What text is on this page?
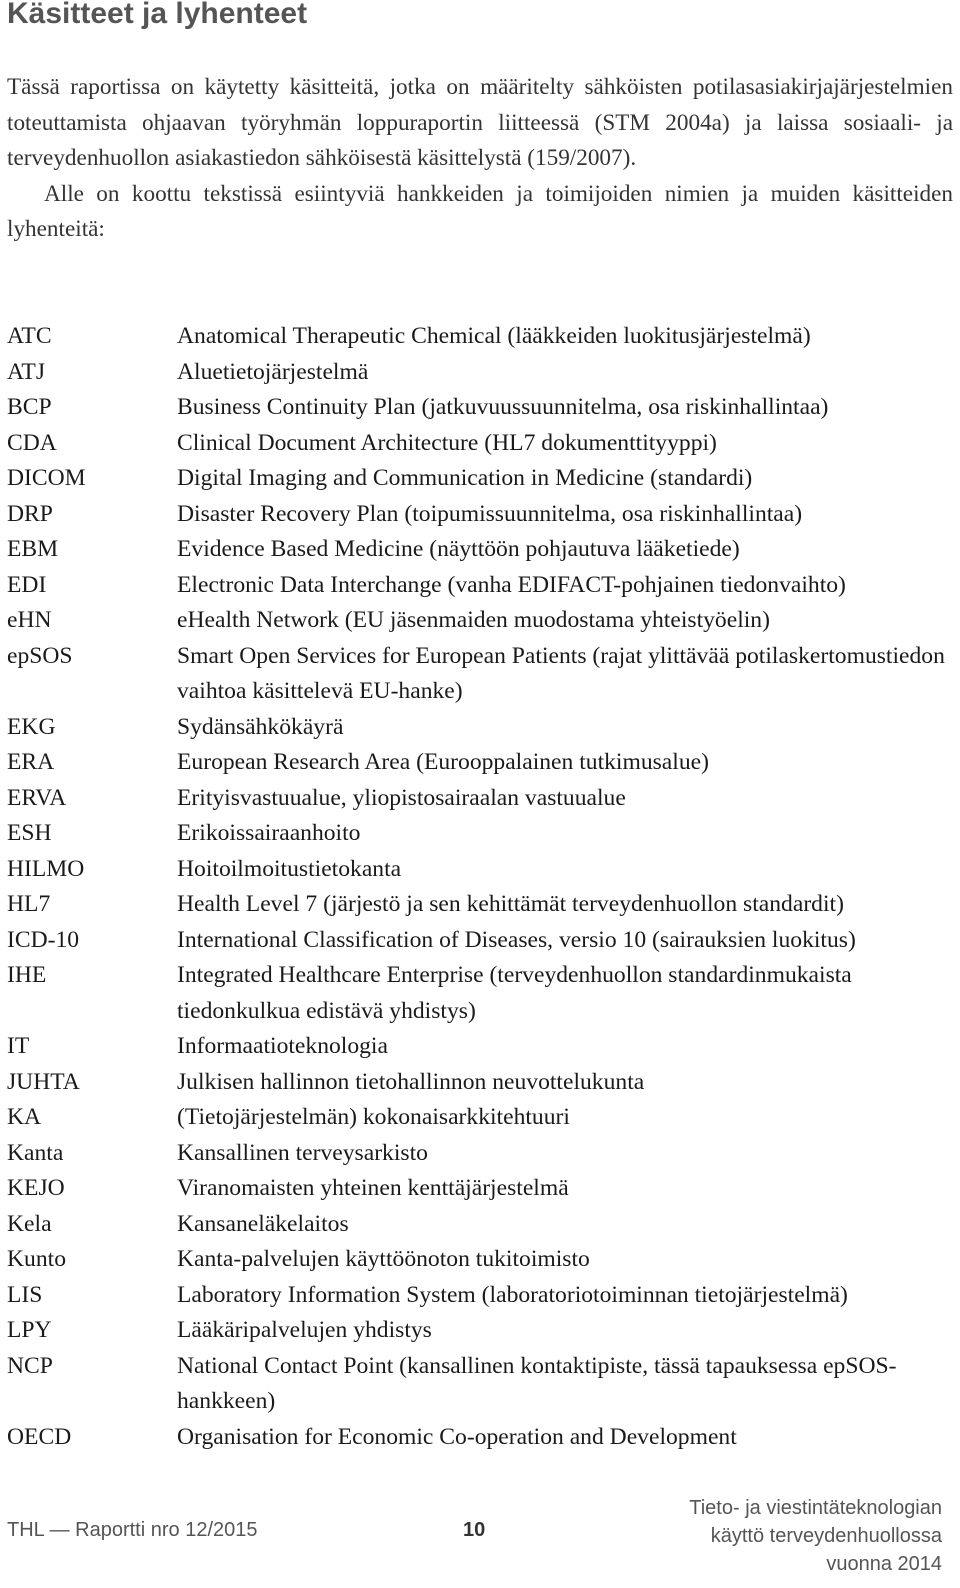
Käsitteet ja lyhenteet

Tässä raportissa on käytetty käsitteitä, jotka on määritelty sähköisten potilasasiakirjajärjestelmien toteuttamista ohjaavan työryhmän loppuraportin liitteessä (STM 2004a) ja laissa sosiaali- ja terveydenhuollon asiakastiedon sähköisestä käsittelystä (159/2007).

Alle on koottu tekstissä esiintyviä hankkeiden ja toimijoiden nimien ja muiden käsitteiden lyhenteitä:

ATC	Anatomical Therapeutic Chemical (lääkkeiden luokitusjärjestelmä)
ATJ	Aluetietojärjestelmä
BCP	Business Continuity Plan (jatkuvuussuunnitelma, osa riskinhallintaa)
CDA	Clinical Document Architecture (HL7 dokumenttityyppi)
DICOM	Digital Imaging and Communication in Medicine (standardi)
DRP	Disaster Recovery Plan (toipumissuunnitelma, osa riskinhallintaa)
EBM	Evidence Based Medicine (näyttöön pohjautuva lääketiede)
EDI	Electronic Data Interchange (vanha EDIFACT-pohjainen tiedonvaihto)
eHN	eHealth Network (EU jäsenmaiden muodostama yhteistyöelin)
epSOS	Smart Open Services for European Patients (rajat ylittävää potilaskertomustiedon vaihtoa käsittelevä EU-hanke)
EKG	Sydänsähkökäyrä
ERA	European Research Area (Eurooppalainen tutkimusalue)
ERVA	Erityisvastuualue, yliopistosairaalan vastuualue
ESH	Erikoissairaanhoito
HILMO	Hoitoilmoitustietokanta
HL7	Health Level 7 (järjestö ja sen kehittämät terveydenhuollon standardit)
ICD-10	International Classification of Diseases, versio 10 (sairauksien luokitus)
IHE	Integrated Healthcare Enterprise (terveydenhuollon standardinmukaista tiedonkulkua edistävä yhdistys)
IT	Informaatioteknologia
JUHTA	Julkisen hallinnon tietohallinnon neuvottelukunta
KA	(Tietojärjestelmän) kokonaisarkkitehtuuri
Kanta	Kansallinen terveysarkisto
KEJO	Viranomaisten yhteinen kenttäjärjestelmä
Kela	Kansaneläkelaitos
Kunto	Kanta-palvelujen käyttöönoton tukitoimisto
LIS	Laboratory Information System (laboratoriotoiminnan tietojärjestelmä)
LPY	Lääkäripalvelujen yhdistys
NCP	National Contact Point (kansallinen kontaktipiste, tässä tapauksessa epSOS-hankkeen)
OECD	Organisation for Economic Co-operation and Development
THL — Raportti nro 12/2015	10
Tieto- ja viestintäteknologian
käyttö terveydenhuollossa
vuonna 2014
